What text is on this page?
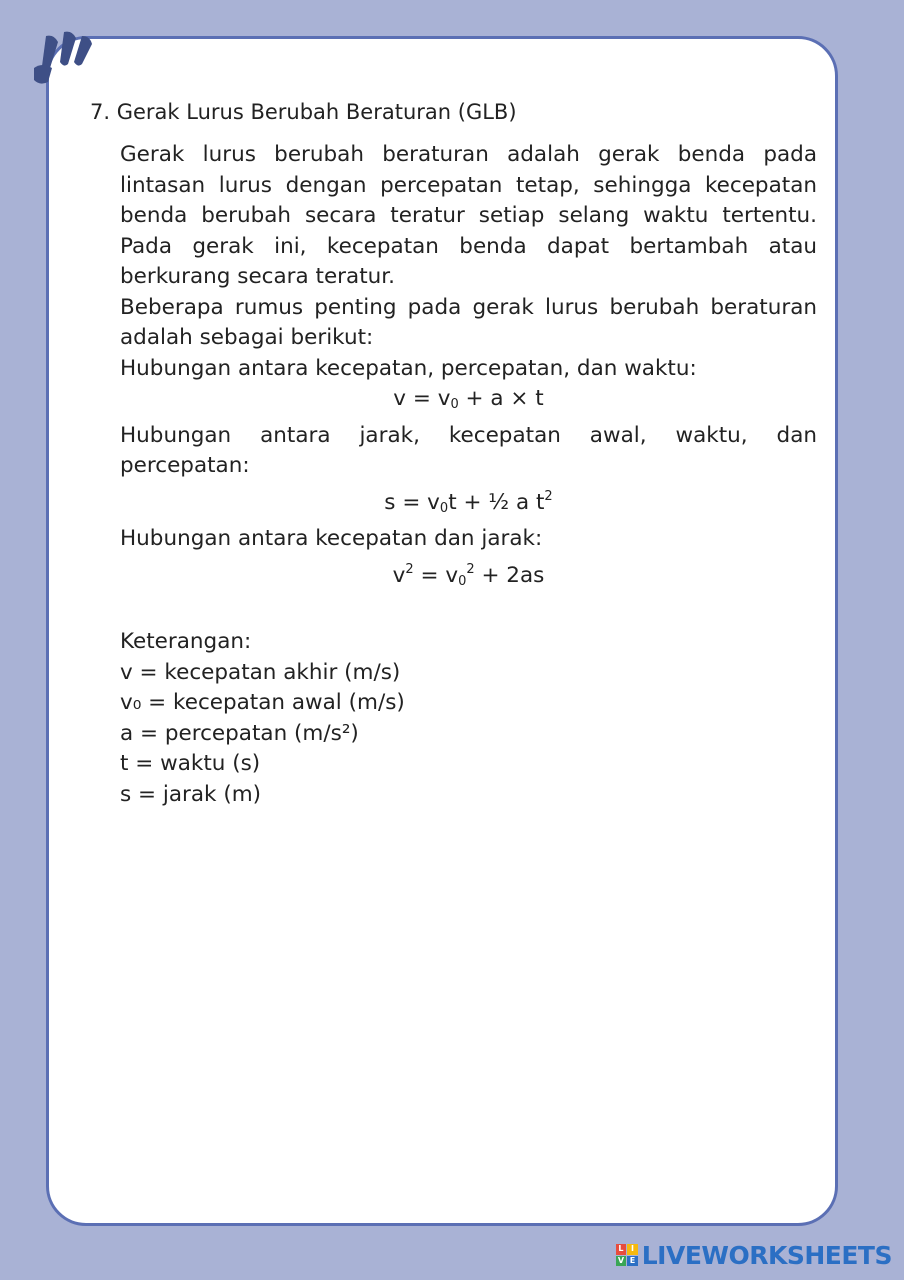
7. Gerak Lurus Berubah Beraturan (GLB)

Gerak lurus berubah beraturan adalah gerak benda pada

lintasan lurus dengan percepatan tetap, sehingga kecepatan

benda berubah secara teratur setiap selang waktu tertentu.

Pada gerak ini, kecepatan benda dapat bertambah atau

berkurang secara teratur.

Beberapa rumus penting pada gerak lurus berubah beraturan

adalah sebagai berikut:

Hubungan antara kecepatan, percepatan, dan waktu:

$v = v_0 + a \times t$

Hubungan antara jarak, kecepatan awal, waktu, dan

percepatan:

$s = v_0t$ + ½ a $t^2$

Hubungan antara kecepatan dan jarak:

$v^2 = v_0^2 + 2as$

Keterangan:

v = kecepatan akhir (m/s)

v₀ = kecepatan awal (m/s)

a = percepatan (m/s²)

t = waktu (s)

s = jarak (m)

L I
V E LIVEWORKSHEETS
